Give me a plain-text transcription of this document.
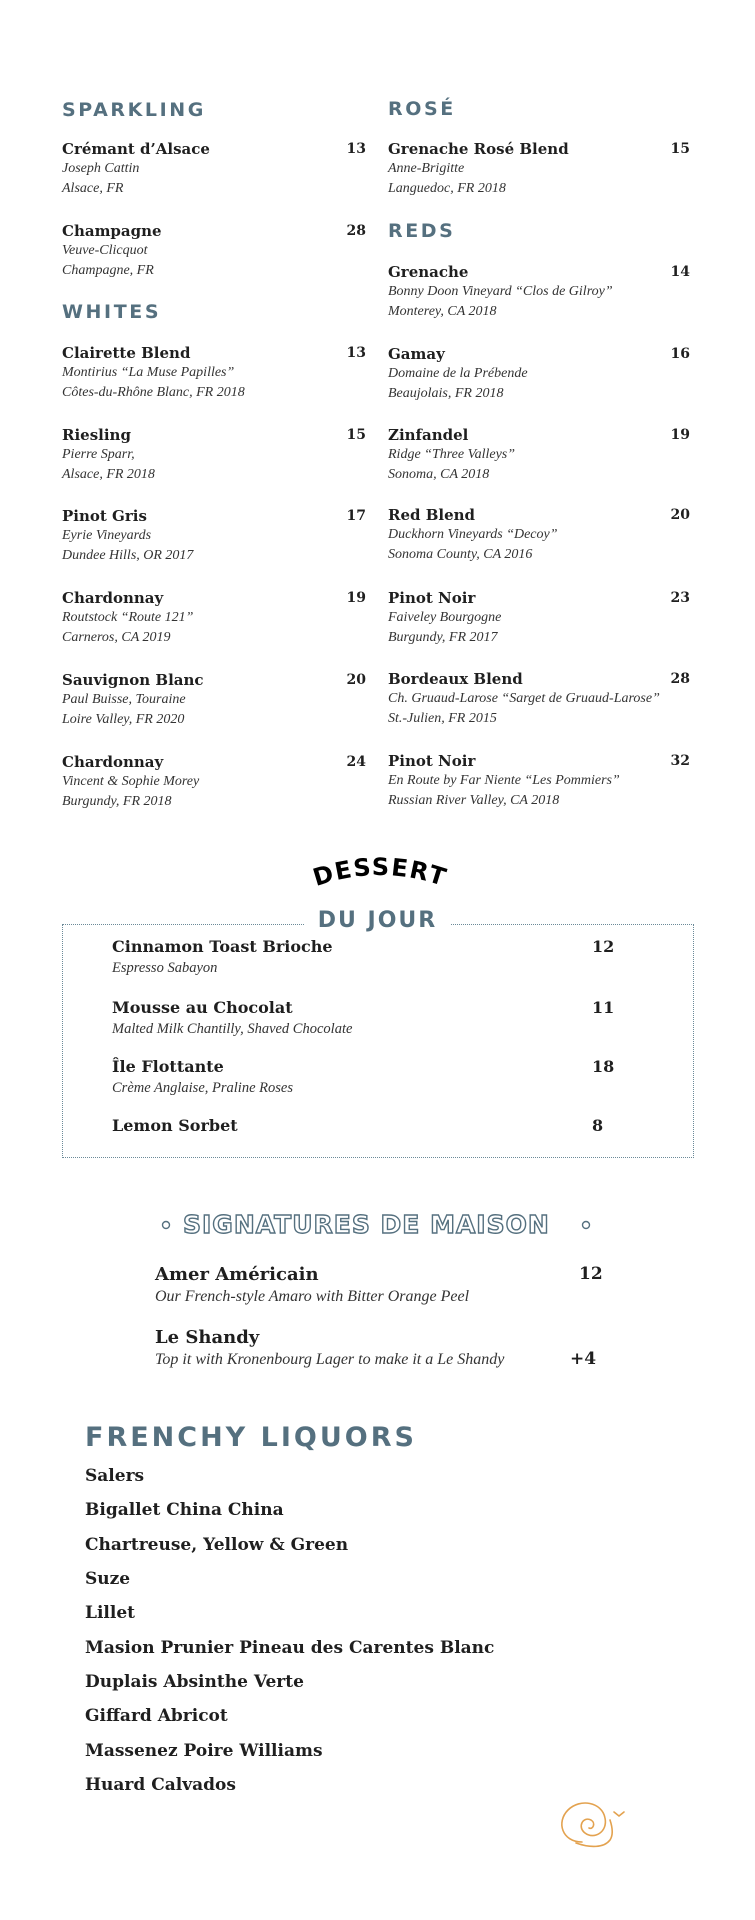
SPARKLING
Crémant d’Alsace	13
Joseph Cattin
Alsace, FR
Champagne	28
Veuve-Clicquot
Champagne, FR
WHITES
Clairette Blend	13
Montirius “La Muse Papilles”
Côtes-du-Rhône Blanc, FR 2018
Riesling	15
Pierre Sparr,
Alsace, FR 2018
Pinot Gris	17
Eyrie Vineyards
Dundee Hills, OR 2017
Chardonnay	19
Routstock “Route 121”
Carneros, CA 2019
Sauvignon Blanc	20
Paul Buisse, Touraine
Loire Valley, FR 2020
Chardonnay	24
Vincent & Sophie Morey
Burgundy, FR 2018
ROSÉ
Grenache Rosé Blend	15
Anne-Brigitte
Languedoc, FR 2018
REDS
Grenache	14
Bonny Doon Vineyard “Clos de Gilroy”
Monterey, CA 2018
Gamay	16
Domaine de la Prébende
Beaujolais, FR 2018
Zinfandel	19
Ridge “Three Valleys”
Sonoma, CA 2018
Red Blend	20
Duckhorn Vineyards “Decoy”
Sonoma County, CA 2016
Pinot Noir	23
Faiveley Bourgogne
Burgundy, FR 2017
Bordeaux Blend	28
Ch. Gruaud-Larose “Sarget de Gruaud-Larose”
St.-Julien, FR 2015
Pinot Noir	32
En Route by Far Niente “Les Pommiers”
Russian River Valley, CA 2018
DESSERT
DU JOUR
Cinnamon Toast Brioche	12
Espresso Sabayon
Mousse au Chocolat	11
Malted Milk Chantilly, Shaved Chocolate
Île Flottante	18
Crème Anglaise, Praline Roses
Lemon Sorbet	8
SIGNATURES DE MAISON
Amer Américain	12
Our French-style Amaro with Bitter Orange Peel
Le Shandy
+4
Top it with Kronenbourg Lager to make it a Le Shandy
FRENCHY LIQUORS
Salers
Bigallet China China
Chartreuse, Yellow & Green
Suze
Lillet
Masion Prunier Pineau des Carentes Blanc
Duplais Absinthe Verte
Giffard Abricot
Massenez Poire Williams
Huard Calvados
